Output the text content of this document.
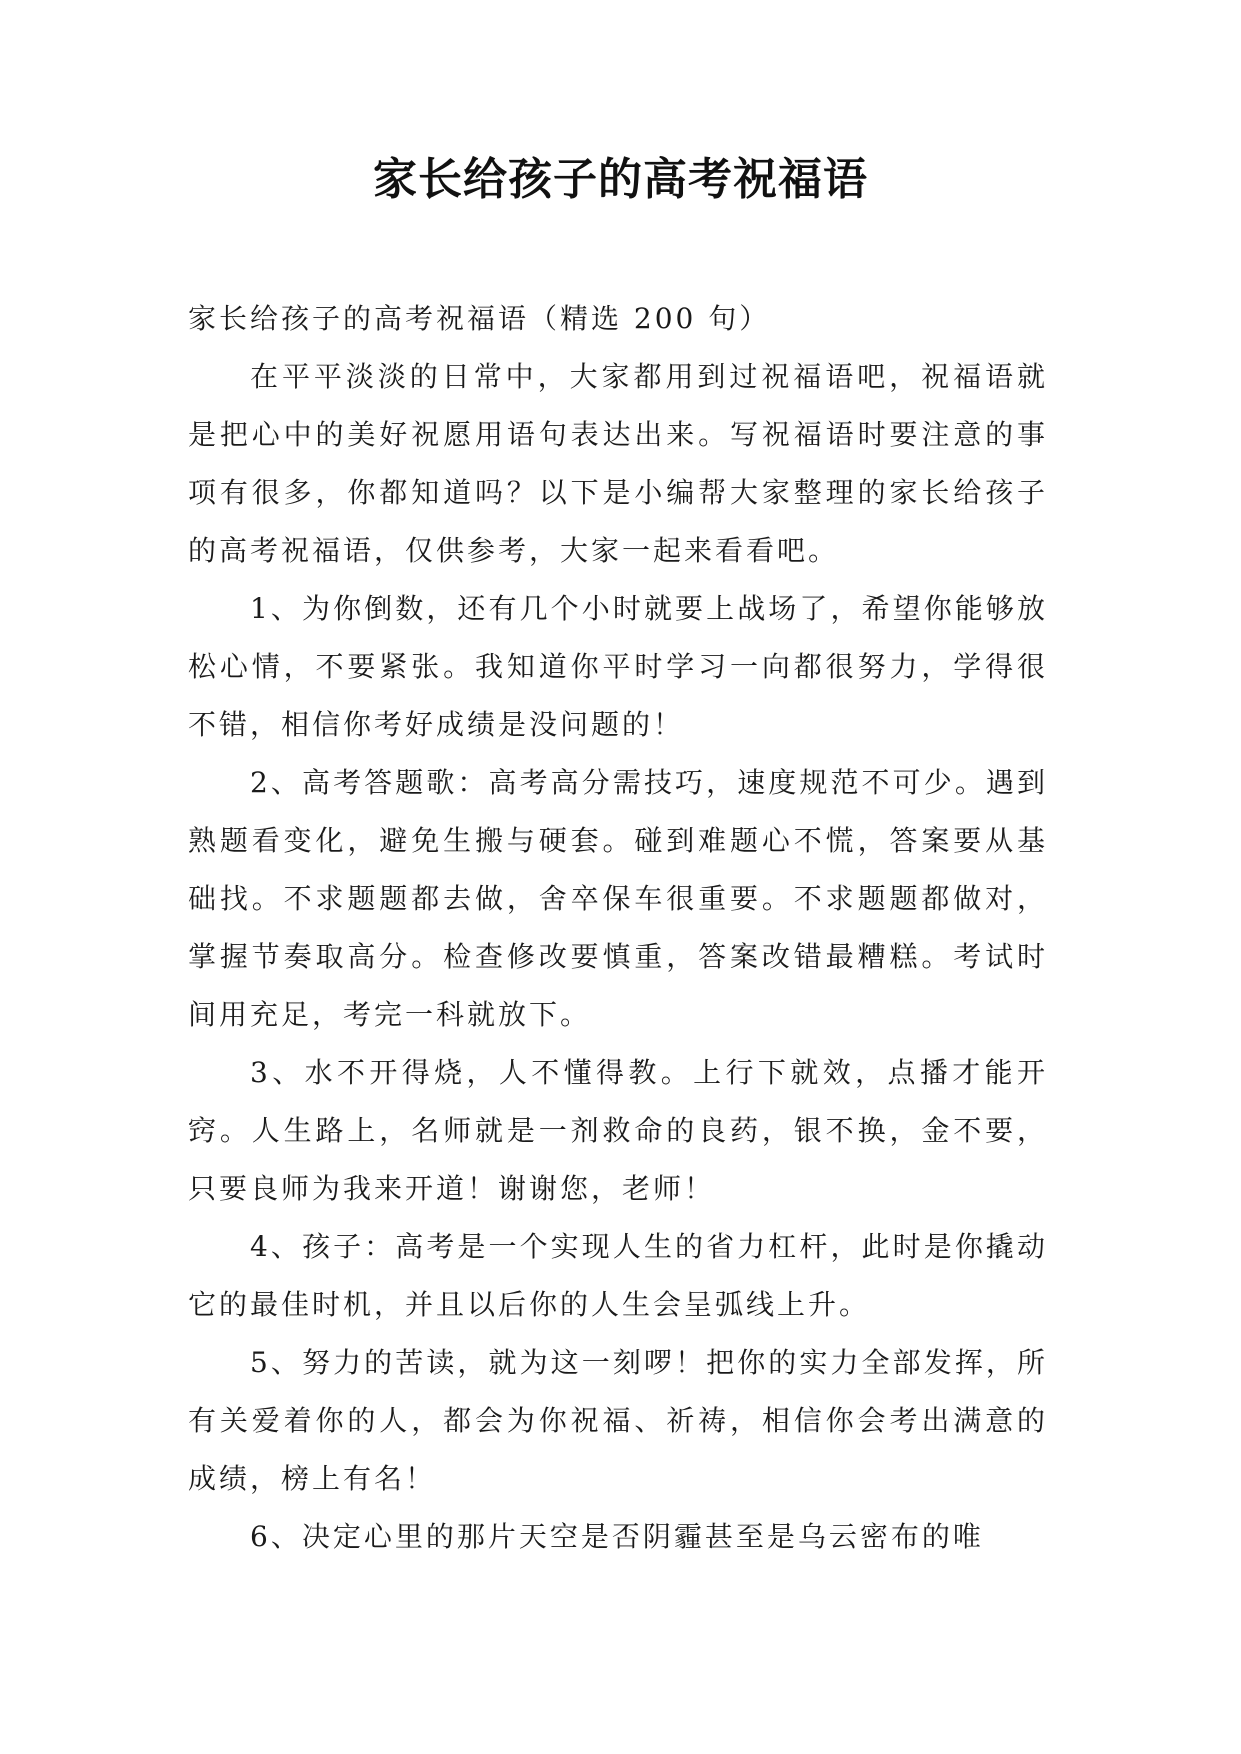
家长给孩子的高考祝福语

家长给孩子的高考祝福语（精选 200 句）

在平平淡淡的日常中，大家都用到过祝福语吧，祝福语就是把心中的美好祝愿用语句表达出来。写祝福语时要注意的事项有很多，你都知道吗？以下是小编帮大家整理的家长给孩子的高考祝福语，仅供参考，大家一起来看看吧。

1、为你倒数，还有几个小时就要上战场了，希望你能够放松心情，不要紧张。我知道你平时学习一向都很努力，学得很不错，相信你考好成绩是没问题的！

2、高考答题歌：高考高分需技巧，速度规范不可少。遇到熟题看变化，避免生搬与硬套。碰到难题心不慌，答案要从基础找。不求题题都去做，舍卒保车很重要。不求题题都做对，掌握节奏取高分。检查修改要慎重，答案改错最糟糕。考试时间用充足，考完一科就放下。

3、水不开得烧，人不懂得教。上行下就效，点播才能开窍。人生路上，名师就是一剂救命的良药，银不换，金不要，只要良师为我来开道！谢谢您，老师！

4、孩子：高考是一个实现人生的省力杠杆，此时是你撬动它的最佳时机，并且以后你的人生会呈弧线上升。

5、努力的苦读，就为这一刻啰！把你的实力全部发挥，所有关爱着你的人，都会为你祝福、祈祷，相信你会考出满意的成绩，榜上有名！

6、决定心里的那片天空是否阴霾甚至是乌云密布的唯
